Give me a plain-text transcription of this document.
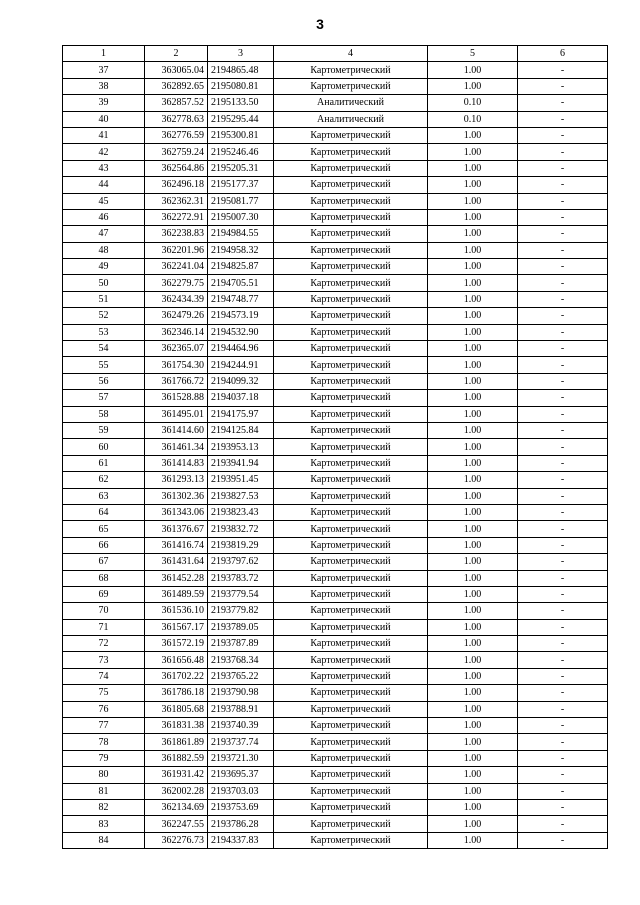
3
1	2	3	4	5	6
37	363065.04	2194865.48	Картометрический	1.00	-
38	362892.65	2195080.81	Картометрический	1.00	-
39	362857.52	2195133.50	Аналитический	0.10	-
40	362778.63	2195295.44	Аналитический	0.10	-
41	362776.59	2195300.81	Картометрический	1.00	-
42	362759.24	2195246.46	Картометрический	1.00	-
43	362564.86	2195205.31	Картометрический	1.00	-
44	362496.18	2195177.37	Картометрический	1.00	-
45	362362.31	2195081.77	Картометрический	1.00	-
46	362272.91	2195007.30	Картометрический	1.00	-
47	362238.83	2194984.55	Картометрический	1.00	-
48	362201.96	2194958.32	Картометрический	1.00	-
49	362241.04	2194825.87	Картометрический	1.00	-
50	362279.75	2194705.51	Картометрический	1.00	-
51	362434.39	2194748.77	Картометрический	1.00	-
52	362479.26	2194573.19	Картометрический	1.00	-
53	362346.14	2194532.90	Картометрический	1.00	-
54	362365.07	2194464.96	Картометрический	1.00	-
55	361754.30	2194244.91	Картометрический	1.00	-
56	361766.72	2194099.32	Картометрический	1.00	-
57	361528.88	2194037.18	Картометрический	1.00	-
58	361495.01	2194175.97	Картометрический	1.00	-
59	361414.60	2194125.84	Картометрический	1.00	-
60	361461.34	2193953.13	Картометрический	1.00	-
61	361414.83	2193941.94	Картометрический	1.00	-
62	361293.13	2193951.45	Картометрический	1.00	-
63	361302.36	2193827.53	Картометрический	1.00	-
64	361343.06	2193823.43	Картометрический	1.00	-
65	361376.67	2193832.72	Картометрический	1.00	-
66	361416.74	2193819.29	Картометрический	1.00	-
67	361431.64	2193797.62	Картометрический	1.00	-
68	361452.28	2193783.72	Картометрический	1.00	-
69	361489.59	2193779.54	Картометрический	1.00	-
70	361536.10	2193779.82	Картометрический	1.00	-
71	361567.17	2193789.05	Картометрический	1.00	-
72	361572.19	2193787.89	Картометрический	1.00	-
73	361656.48	2193768.34	Картометрический	1.00	-
74	361702.22	2193765.22	Картометрический	1.00	-
75	361786.18	2193790.98	Картометрический	1.00	-
76	361805.68	2193788.91	Картометрический	1.00	-
77	361831.38	2193740.39	Картометрический	1.00	-
78	361861.89	2193737.74	Картометрический	1.00	-
79	361882.59	2193721.30	Картометрический	1.00	-
80	361931.42	2193695.37	Картометрический	1.00	-
81	362002.28	2193703.03	Картометрический	1.00	-
82	362134.69	2193753.69	Картометрический	1.00	-
83	362247.55	2193786.28	Картометрический	1.00	-
84	362276.73	2194337.83	Картометрический	1.00	-
